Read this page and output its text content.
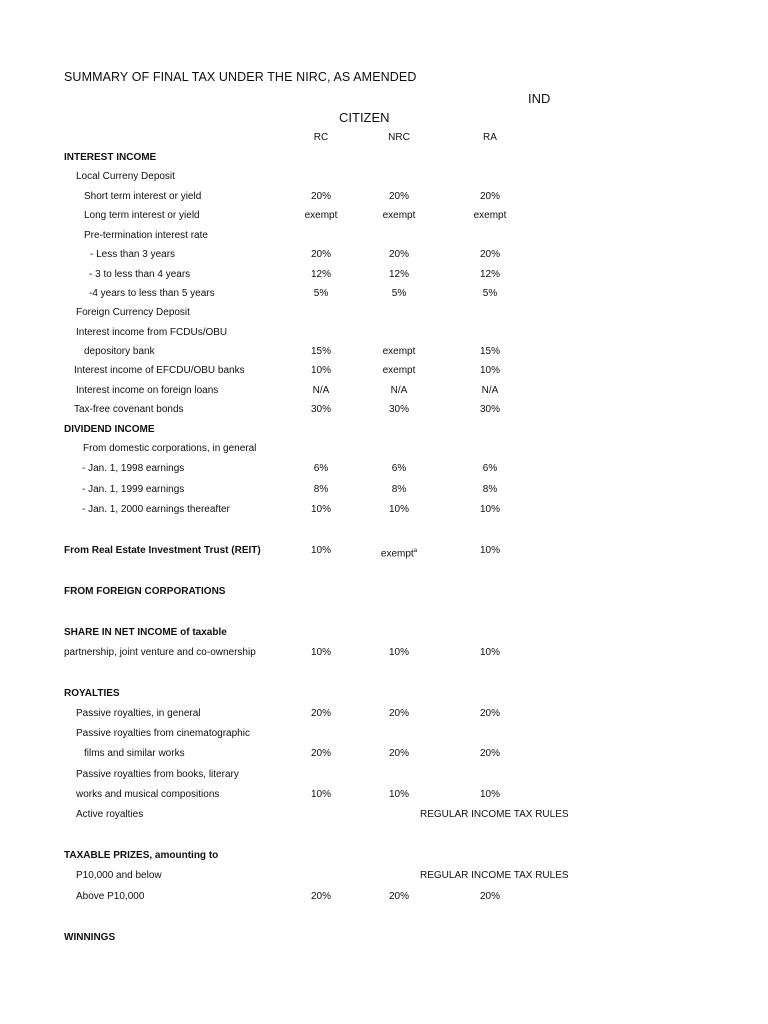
SUMMARY OF FINAL TAX UNDER THE NIRC, AS AMENDED
IND
CITIZEN
RC	NRC	RA
INTEREST INCOME
Local Curreny Deposit
Short term interest or yield	20%	20%	20%
Long term interest or yield	exempt	exempt	exempt
Pre-termination interest rate
- Less than 3 years	20%	20%	20%
- 3 to less than 4 years	12%	12%	12%
-4 years to less than 5 years	5%	5%	5%
Foreign Currency Deposit
Interest income from FCDUs/OBU
depository bank	15%	exempt	15%
Interest income of EFCDU/OBU banks	10%	exempt	10%
Interest income on foreign loans	N/A	N/A	N/A
Tax-free covenant bonds	30%	30%	30%
DIVIDEND INCOME
From domestic corporations, in general
- Jan. 1, 1998 earnings	6%	6%	6%
- Jan. 1, 1999 earnings	8%	8%	8%
- Jan. 1, 2000 earnings thereafter	10%	10%	10%
From Real Estate Investment Trust (REIT)	10%	exempt$^a$	10%
FROM FOREIGN CORPORATIONS
SHARE IN NET INCOME of taxable
partnership, joint venture and co-ownership	10%	10%	10%
ROYALTIES
Passive royalties, in general	20%	20%	20%
Passive royalties from cinematographic
films and similar works	20%	20%	20%
Passive royalties from books, literary
works and musical compositions	10%	10%	10%
Active royalties	REGULAR INCOME TAX RULES
TAXABLE PRIZES, amounting to
P10,000 and below	REGULAR INCOME TAX RULES
Above P10,000	20%	20%	20%
WINNINGS
